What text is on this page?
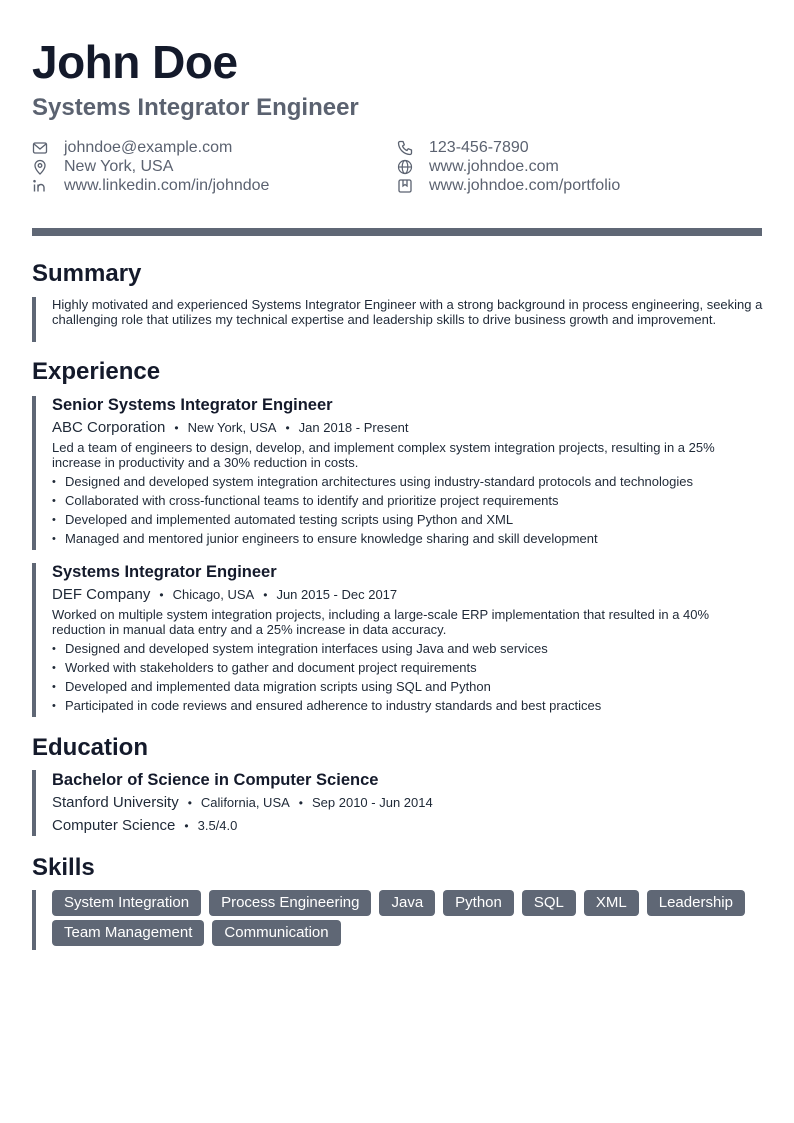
John Doe
Systems Integrator Engineer
johndoe@example.com	123-456-7890
New York, USA	www.johndoe.com
www.linkedin.com/in/johndoe	www.johndoe.com/portfolio
Summary

Highly motivated and experienced Systems Integrator Engineer with a strong background in process engineering, seeking a challenging role that utilizes my technical expertise and leadership skills to drive business growth and improvement.

Experience
Senior Systems Integrator Engineer
ABC Corporation • New York, USA • Jan 2018 - Present

Led a team of engineers to design, develop, and implement complex system integration projects, resulting in a 25% increase in productivity and a 30% reduction in costs.

• Designed and developed system integration architectures using industry-standard protocols and technologies
• Collaborated with cross-functional teams to identify and prioritize project requirements
• Developed and implemented automated testing scripts using Python and XML
• Managed and mentored junior engineers to ensure knowledge sharing and skill development
Systems Integrator Engineer
DEF Company • Chicago, USA • Jun 2015 - Dec 2017

Worked on multiple system integration projects, including a large-scale ERP implementation that resulted in a 40% reduction in manual data entry and a 25% increase in data accuracy.

• Designed and developed system integration interfaces using Java and web services
• Worked with stakeholders to gather and document project requirements
• Developed and implemented data migration scripts using SQL and Python
• Participated in code reviews and ensured adherence to industry standards and best practices
Education
Bachelor of Science in Computer Science
Stanford University • California, USA • Sep 2010 - Jun 2014
Computer Science • 3.5/4.0
Skills
System Integration	Process Engineering	Java	Python	SQL	XML	Leadership
Team Management	Communication
